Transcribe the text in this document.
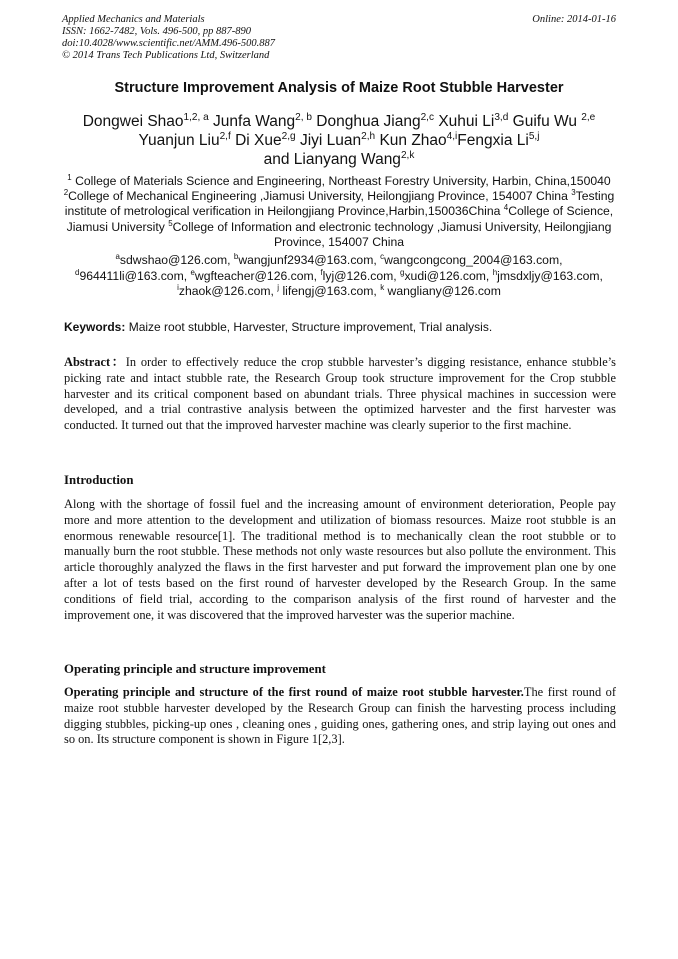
Applied Mechanics and Materials
ISSN: 1662-7482, Vols. 496-500, pp 887-890
doi:10.4028/www.scientific.net/AMM.496-500.887
© 2014 Trans Tech Publications Ltd, Switzerland
Online: 2014-01-16
Structure Improvement Analysis of Maize Root Stubble Harvester
Dongwei Shao$^{1,2, a}$ Junfa Wang$^{2, b}$ Donghua Jiang$^{2,c}$ Xuhui Li$^{3,d}$ Guifu Wu $^{2,e}$
Yuanjun Liu$^{2,f}$ Di Xue$^{2,g}$ Jiyi Luan$^{2,h}$ Kun Zhao$^{4,i}$Fengxia Li$^{5,j}$
and Lianyang Wang$^{2,k}$
$^1$ College of Materials Science and Engineering, Northeast Forestry University, Harbin, China,150040 $^2$College of Mechanical Engineering ,Jiamusi University, Heilongjiang Province, 154007 China $^3$Testing institute of metrological verification in Heilongjiang Province,Harbin,150036China $^4$College of Science, Jiamusi University $^5$College of Information and electronic technology ,Jiamusi University, Heilongjiang Province, 154007 China
$^a$sdwshao@126.com, $^b$wangjunf2934@163.com, $^c$wangcongcong_2004@163.com,
$^d$964411li@163.com, $^e$wgfteacher@126.com, $^f$lyj@126.com, $^g$xudi@126.com, $^h$jmsdxljy@163.com,
$^i$zhaok@126.com, $^j$ lifengj@163.com, $^k$ wangliany@126.com
Keywords: Maize root stubble, Harvester, Structure improvement, Trial analysis.
Abstract：In order to effectively reduce the crop stubble harvester’s digging resistance, enhance stubble’s picking rate and intact stubble rate, the Research Group took structure improvement for the Crop stubble harvester and its critical component based on abundant trials. Three physical machines in succession were developed, and a trial contrastive analysis between the optimized harvester and the first harvester was conducted. It turned out that the improved harvester machine was clearly superior to the first machine.
Introduction
Along with the shortage of fossil fuel and the increasing amount of environment deterioration, People pay more and more attention to the development and utilization of biomass resources. Maize root stubble is an enormous renewable resource[1]. The traditional method is to mechanically clean the root stubble or to manually burn the root stubble. These methods not only waste resources but also pollute the environment. This article thoroughly analyzed the flaws in the first harvester and put forward the improvement plan one by one after a lot of tests based on the first round of harvester developed by the Research Group. In the same conditions of field trial, according to the comparison analysis of the first round of harvester and the improvement one, it was discovered that the improved harvester was the superior machine.
Operating principle and structure improvement
Operating principle and structure of the first round of maize root stubble harvester.The first round of maize root stubble harvester developed by the Research Group can finish the harvesting process including digging stubbles, picking-up ones , cleaning ones , guiding ones, gathering ones, and strip laying out ones and so on. Its structure component is shown in Figure 1[2,3].
